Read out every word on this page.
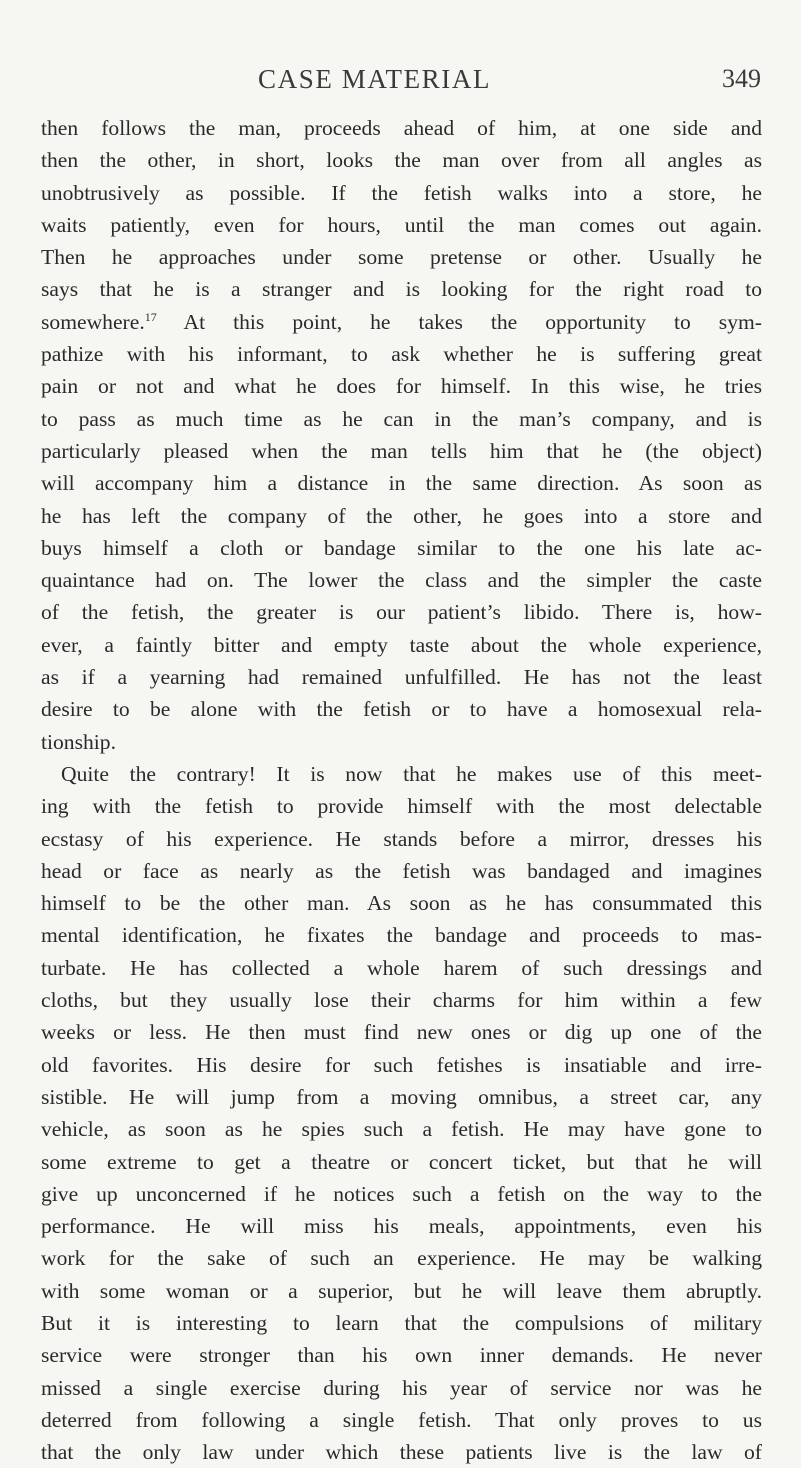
CASE MATERIAL	349
then follows the man, proceeds ahead of him, at one side and
then the other, in short, looks the man over from all angles as
unobtrusively as possible. If the fetish walks into a store, he
waits patiently, even for hours, until the man comes out again.
Then he approaches under some pretense or other. Usually he
says that he is a stranger and is looking for the right road to
somewhere.$^{17}$ At this point, he takes the opportunity to sym-
pathize with his informant, to ask whether he is suffering great
pain or not and what he does for himself. In this wise, he tries
to pass as much time as he can in the man’s company, and is
particularly pleased when the man tells him that he (the object)
will accompany him a distance in the same direction. As soon as
he has left the company of the other, he goes into a store and
buys himself a cloth or bandage similar to the one his late ac-
quaintance had on. The lower the class and the simpler the caste
of the fetish, the greater is our patient’s libido. There is, how-
ever, a faintly bitter and empty taste about the whole experience,
as if a yearning had remained unfulfilled. He has not the least
desire to be alone with the fetish or to have a homosexual rela-
tionship.
Quite the contrary! It is now that he makes use of this meet-
ing with the fetish to provide himself with the most delectable
ecstasy of his experience. He stands before a mirror, dresses his
head or face as nearly as the fetish was bandaged and imagines
himself to be the other man. As soon as he has consummated this
mental identification, he fixates the bandage and proceeds to mas-
turbate. He has collected a whole harem of such dressings and
cloths, but they usually lose their charms for him within a few
weeks or less. He then must find new ones or dig up one of the
old favorites. His desire for such fetishes is insatiable and irre-
sistible. He will jump from a moving omnibus, a street car, any
vehicle, as soon as he spies such a fetish. He may have gone to
some extreme to get a theatre or concert ticket, but that he will
give up unconcerned if he notices such a fetish on the way to the
performance. He will miss his meals, appointments, even his
work for the sake of such an experience. He may be walking
with some woman or a superior, but he will leave them abruptly.
But it is interesting to learn that the compulsions of military
service were stronger than his own inner demands. He never
missed a single exercise during his year of service nor was he
deterred from following a single fetish. That only proves to us
that the only law under which these patients live is the law of
